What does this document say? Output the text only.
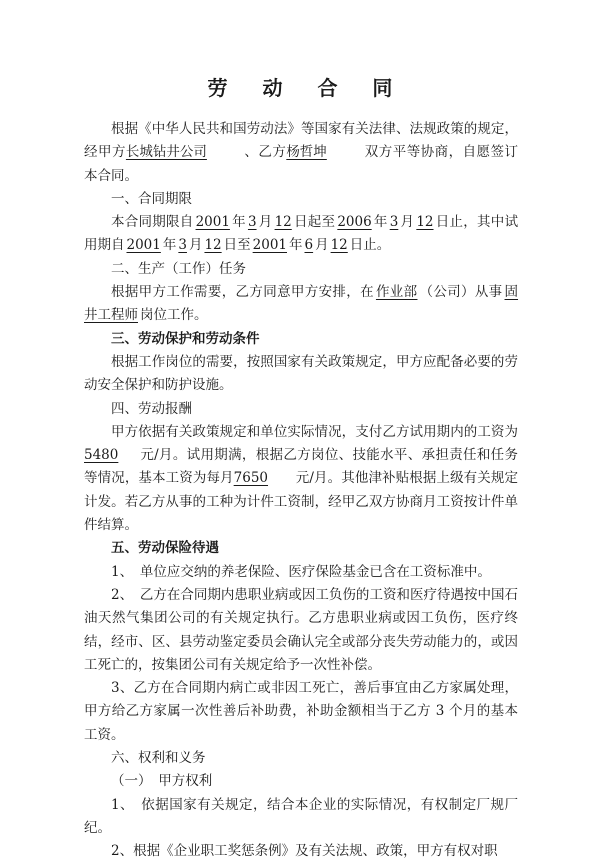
劳 动 合 同

根据《中华人民共和国劳动法》等国家有关法律、法规政策的规定，经甲方长城钻井公司	、乙方杨哲坤	双方平等协商，自愿签订本合同。

一、合同期限

本合同期限自 2001 年 3 月 12 日起至 2006 年 3 月 12 日止，其中试用期自 2001 年 3 月 12 日至 2001 年 6 月 12 日止。

二、生产（工作）任务

根据甲方工作需要，乙方同意甲方安排，在 作业部 （公司）从事 固井工程师 岗位工作。

三、劳动保护和劳动条件

根据工作岗位的需要，按照国家有关政策规定，甲方应配备必要的劳动安全保护和防护设施。

四、劳动报酬

甲方依据有关政策规定和单位实际情况，支付乙方试用期内的工资为5480 元/月。试用期满，根据乙方岗位、技能水平、承担责任和任务等情况，基本工资为每月7650 元/月。其他津补贴根据上级有关规定计发。若乙方从事的工种为计件工资制，经甲乙双方协商月工资按计件单件结算。

五、劳动保险待遇

1、　单位应交纳的养老保险、医疗保险基金已含在工资标准中。

2、　乙方在合同期内患职业病或因工负伤的工资和医疗待遇按中国石油天然气集团公司的有关规定执行。乙方患职业病或因工负伤，医疗终结，经市、区、县劳动鉴定委员会确认完全或部分丧失劳动能力的，或因工死亡的，按集团公司有关规定给予一次性补偿。

3、乙方在合同期内病亡或非因工死亡，善后事宜由乙方家属处理，甲方给乙方家属一次性善后补助费，补助金额相当于乙方 3 个月的基本工资。

六、权利和义务

（一）　甲方权利

1、　依据国家有关规定，结合本企业的实际情况，有权制定厂规厂纪。

2、根据《企业职工奖惩条例》及有关法规、政策，甲方有权对职
